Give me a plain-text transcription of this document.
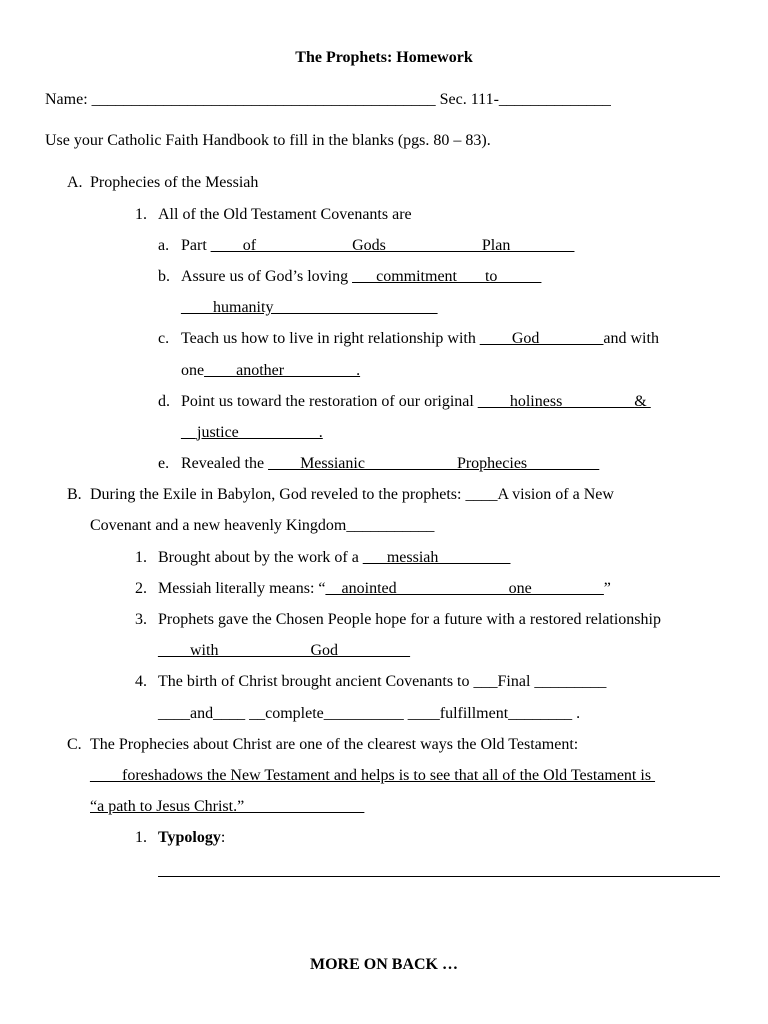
The Prophets: Homework
Name: ___________________________________________ Sec. 111-______________
Use your Catholic Faith Handbook to fill in the blanks (pgs. 80 – 83).
A. Prophecies of the Messiah
1. All of the Old Testament Covenants are
a. Part ____of____________Gods____________Plan________
b. Assure us of God’s loving ___commitment_ __to_____
____humanity________ ____________
c. Teach us how to live in right relationship with ____God________and with
one____another_________.
d. Point us toward the restoration of our original ____holiness_________&
__justice__________.
e. Revealed the ____Messianic________ ___Prophecies_________
B. During the Exile in Babylon, God reveled to the prophets: ____A vision of a New
Covenant and a new heavenly Kingdom___________
1. Brought about by the work of a ___messiah_________
2. Messiah literally means: “__anointed______________one_________”
3. Prophets gave the Chosen People hope for a future with a restored relationship
____with________ ___God_________
4. The birth of Christ brought ancient Covenants to ___Final _________
____and____ __complete__________ ____fulfillment________ .
C. The Prophecies about Christ are one of the clearest ways the Old Testament:
____foreshadows the New Testament and helps is to see that all of the Old Testament is
“a path to Jesus Christ.”_______________
1. Typology:
MORE ON BACK …
